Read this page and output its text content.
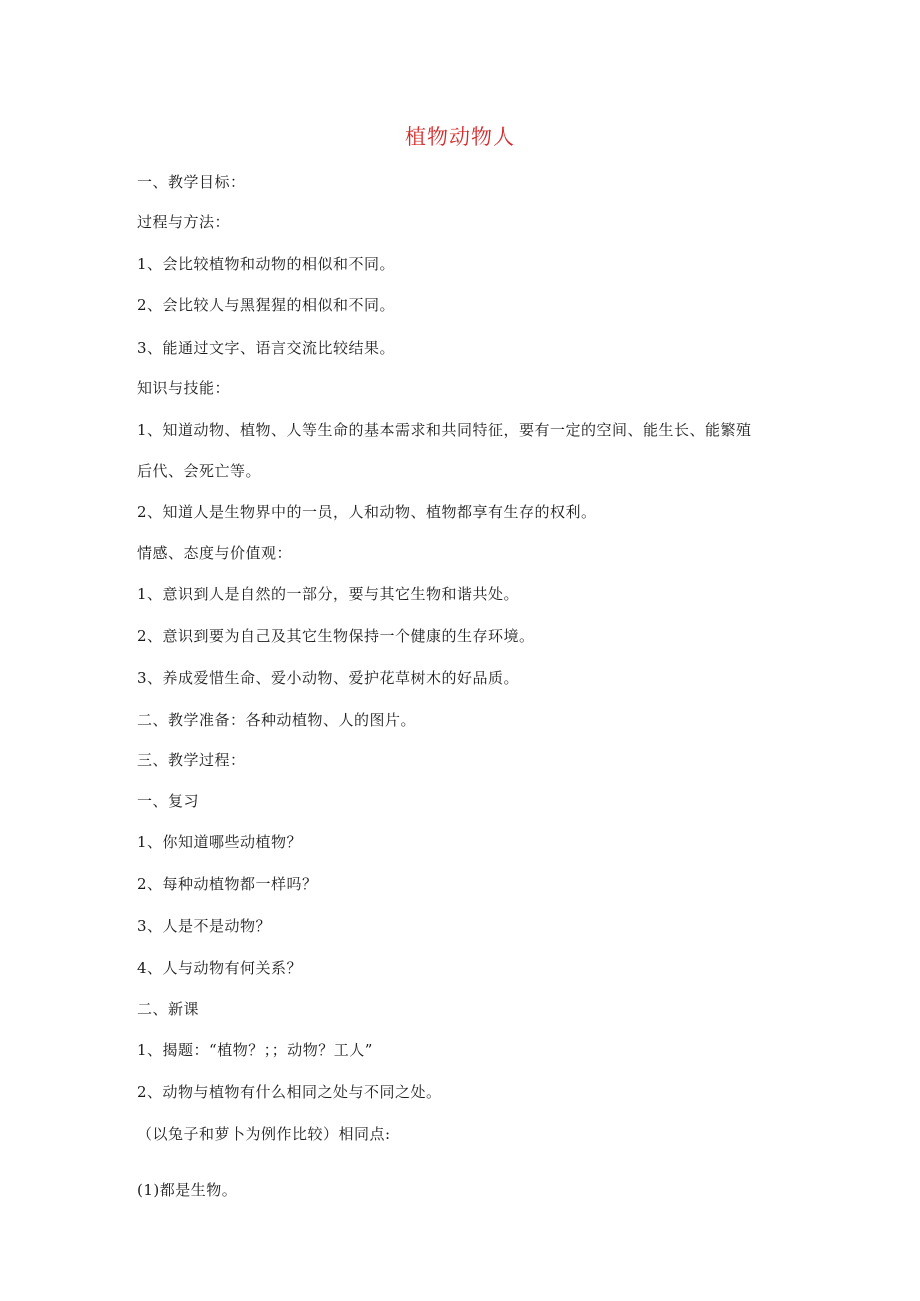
植物动物人
一、教学目标：
过程与方法：
1、会比较植物和动物的相似和不同。
2、会比较人与黑猩猩的相似和不同。
3、能通过文字、语言交流比较结果。
知识与技能：
1、知道动物、植物、人等生命的基本需求和共同特征，要有一定的空间、能生长、能繁殖
后代、会死亡等。
2、知道人是生物界中的一员，人和动物、植物都享有生存的权利。
情感、态度与价值观：
1、意识到人是自然的一部分，要与其它生物和谐共处。
2、意识到要为自己及其它生物保持一个健康的生存环境。
3、养成爱惜生命、爱小动物、爱护花草树木的好品质。
二、教学准备：各种动植物、人的图片。
三、教学过程：
一、复习
1、你知道哪些动植物？
2、每种动植物都一样吗？
3、人是不是动物？
4、人与动物有何关系？
二、新课
1、揭题：“植物？；；动物？工人”
2、动物与植物有什么相同之处与不同之处。
（以兔子和萝卜为例作比较）相同点:
(1)都是生物。
